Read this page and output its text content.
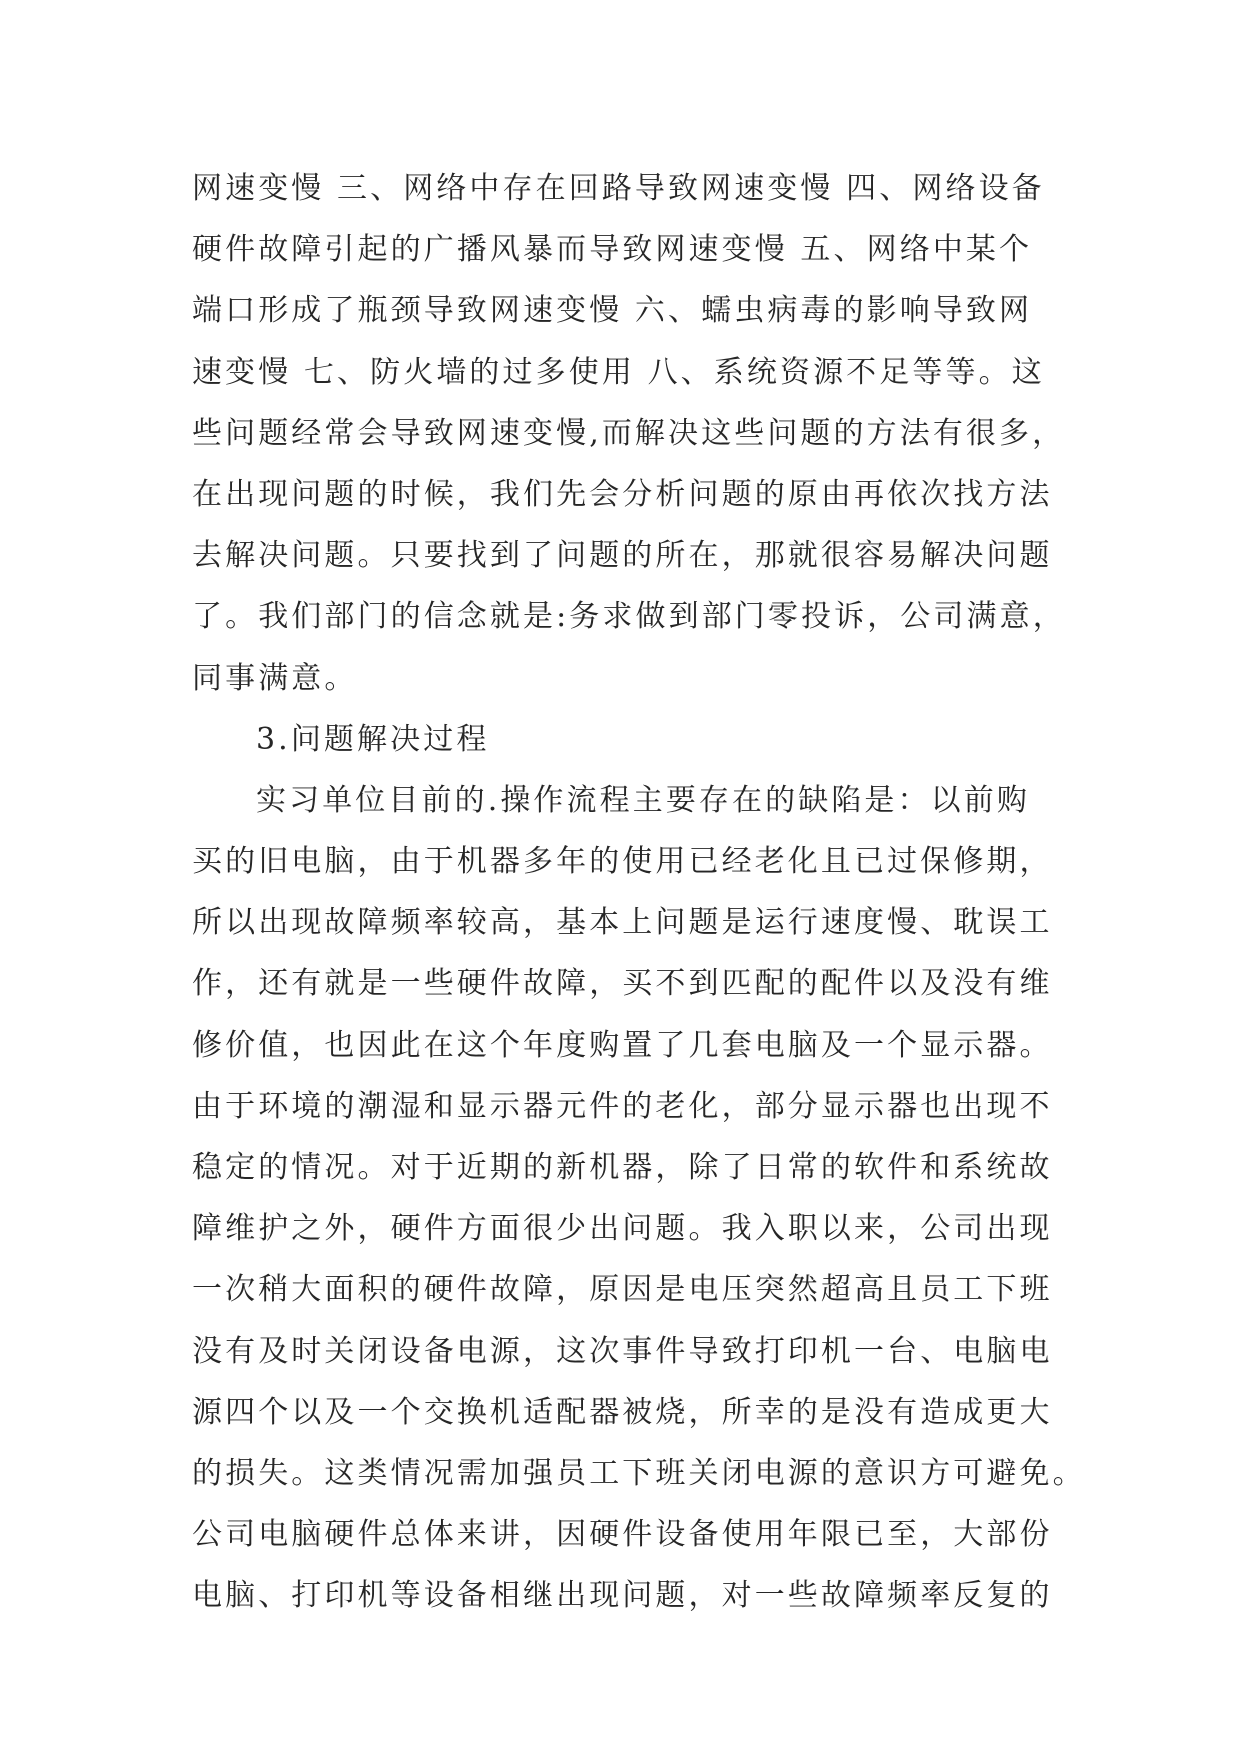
网速变慢 三、网络中存在回路导致网速变慢 四、网络设备
硬件故障引起的广播风暴而导致网速变慢 五、网络中某个
端口形成了瓶颈导致网速变慢 六、蠕虫病毒的影响导致网
速变慢 七、防火墙的过多使用 八、系统资源不足等等。这
些问题经常会导致网速变慢,而解决这些问题的方法有很多，
在出现问题的时候，我们先会分析问题的原由再依次找方法
去解决问题。只要找到了问题的所在，那就很容易解决问题
了。我们部门的信念就是:务求做到部门零投诉，公司满意，
同事满意。
3.问题解决过程
实习单位目前的.操作流程主要存在的缺陷是：以前购
买的旧电脑，由于机器多年的使用已经老化且已过保修期，
所以出现故障频率较高，基本上问题是运行速度慢、耽误工
作，还有就是一些硬件故障，买不到匹配的配件以及没有维
修价值，也因此在这个年度购置了几套电脑及一个显示器。
由于环境的潮湿和显示器元件的老化，部分显示器也出现不
稳定的情况。对于近期的新机器，除了日常的软件和系统故
障维护之外，硬件方面很少出问题。我入职以来，公司出现
一次稍大面积的硬件故障，原因是电压突然超高且员工下班
没有及时关闭设备电源，这次事件导致打印机一台、电脑电
源四个以及一个交换机适配器被烧，所幸的是没有造成更大
的损失。这类情况需加强员工下班关闭电源的意识方可避免。
公司电脑硬件总体来讲，因硬件设备使用年限已至，大部份
电脑、打印机等设备相继出现问题，对一些故障频率反复的
